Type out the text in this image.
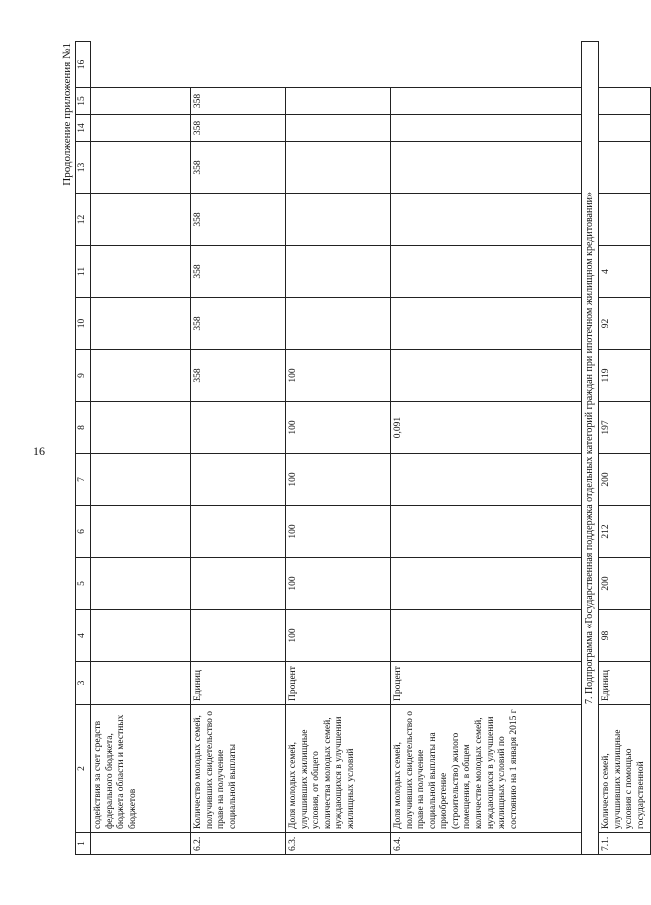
16
Продолжение приложения №1
1	2	3	4	5	6	7	8	9	10	11	12	13	14	15	16
	содействия за счет средств федерального бюджета, бюджета области и местных бюджетов														
6.2.	Количество молодых семей, получивших свидетельство о праве на получение социальной выплаты	Единиц						358	358	358	358	358	358	358	
6.3.	Доля молодых семей, улучшивших жилищные условия, от общего количества молодых семей, нуждающихся в улучшении жилищных условий	Процент	100	100	100	100	100	100							
6.4.	Доля молодых семей, получивших свидетельство о праве на получение социальной выплаты на приобретение (строительство) жилого помещения, в общем количестве молодых семей, нуждающихся в улучшении жилищных условий по состоянию на 1 января 2015 г	Процент					0,091								
7. Подпрограмма «Государственная поддержка отдельных категорий граждан при ипотечном жилищном кредитовании»															
7.1.	Количество семей, улучшивших жилищные условия с помощью государственной	Единиц	98	200	212	200	197	119	92	4					
